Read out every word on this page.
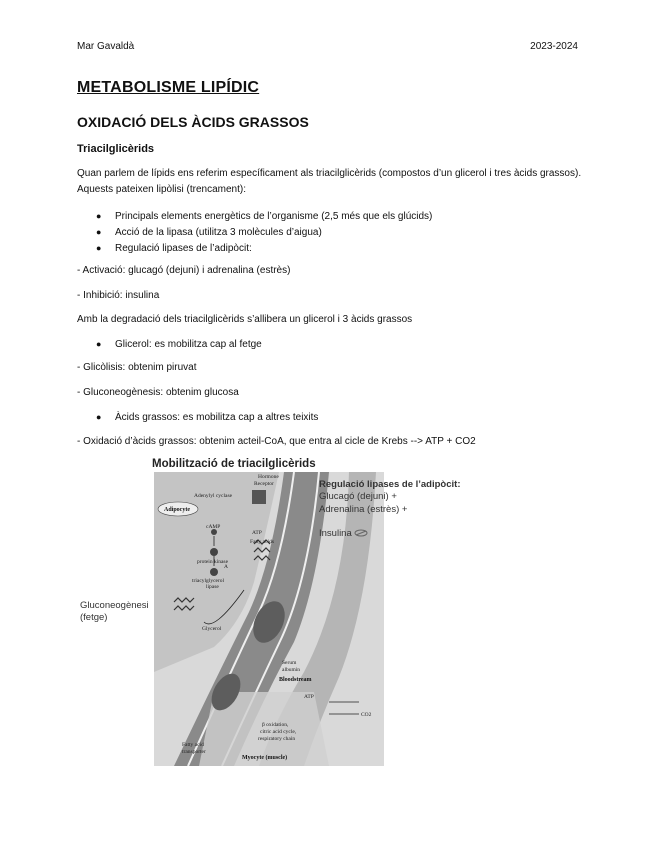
Mar Gavaldà	2023-2024
METABOLISME LIPÍDIC
OXIDACIÓ DELS ÀCIDS GRASSOS
Triacilglicèrids
Quan parlem de lípids ens referim específicament als triacilglicèrids (compostos d’un glicerol i tres àcids grassos). Aquests pateixen lipòlisi (trencament):
● Principals elements energètics de l’organisme (2,5 més que els glúcids)
● Acció de la lipasa (utilitza 3 molècules d’aigua)
● Regulació lipases de l’adipòcit:
- Activació: glucagó (dejuni) i adrenalina (estrès)
- Inhibició: insulina
Amb la degradació dels triacilglicèrids s’allibera un glicerol i 3 àcids grassos
● Glicerol: es mobilitza cap al fetge
- Glicòlisis: obtenim piruvat
- Gluconeogènesis: obtenim glucosa
● Àcids grassos: es mobilitza cap a altres teixits
- Oxidació d’àcids grassos: obtenim acteil-CoA, que entra al cicle de Krebs --> ATP + CO2
Mobilització de triacilglicèrids
Hormone
Receptor
Adenylyl cyclase
Adipocyte
cAMP
ATP
protein kinase
A
Fatty acids
triacylglycerol
lipase
Glycerol
Serum
albumin
Bloodstream
ATP
CO2
β oxidation,
citric acid cycle,
respiratory chain
Fatty acid
transporter
Myocyte (muscle)
Regulació lipases de l’adipòcit:
Glucagó (dejuni) +
Adrenalina (estrès) +
Insulina
Gluconeogènesi
(fetge)
